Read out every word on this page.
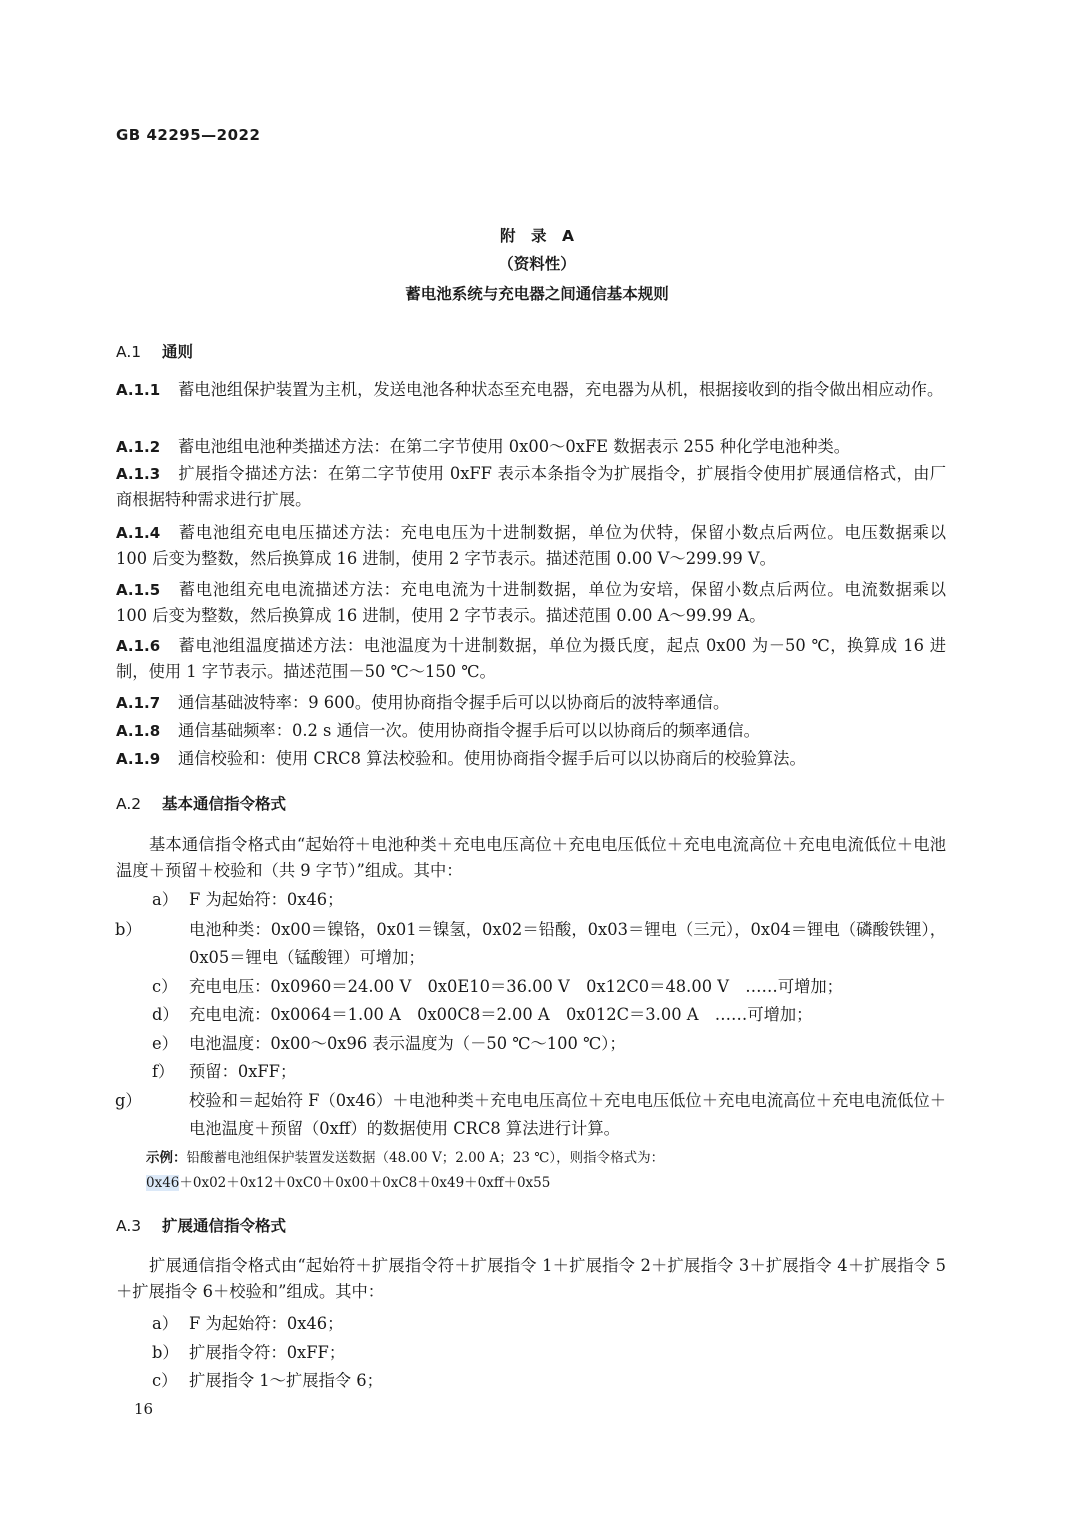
GB 42295—2022
附　录　A
（资料性）
蓄电池系统与充电器之间通信基本规则
A.1 通则
A.1.1 蓄电池组保护装置为主机，发送电池各种状态至充电器，充电器为从机，根据接收到的指令做出相应动作。
A.1.2 蓄电池组电池种类描述方法：在第二字节使用 0x00～0xFE 数据表示 255 种化学电池种类。
A.1.3 扩展指令描述方法：在第二字节使用 0xFF 表示本条指令为扩展指令，扩展指令使用扩展通信格式，由厂商根据特种需求进行扩展。
A.1.4 蓄电池组充电电压描述方法：充电电压为十进制数据，单位为伏特，保留小数点后两位。电压数据乘以 100 后变为整数，然后换算成 16 进制，使用 2 字节表示。描述范围 0.00 V～299.99 V。
A.1.5 蓄电池组充电电流描述方法：充电电流为十进制数据，单位为安培，保留小数点后两位。电流数据乘以 100 后变为整数，然后换算成 16 进制，使用 2 字节表示。描述范围 0.00 A～99.99 A。
A.1.6 蓄电池组温度描述方法：电池温度为十进制数据，单位为摄氏度，起点 0x00 为－50 ℃，换算成 16 进制，使用 1 字节表示。描述范围－50 ℃～150 ℃。
A.1.7 通信基础波特率：9 600。使用协商指令握手后可以以协商后的波特率通信。
A.1.8 通信基础频率：0.2 s 通信一次。使用协商指令握手后可以以协商后的频率通信。
A.1.9 通信校验和：使用 CRC8 算法校验和。使用协商指令握手后可以以协商后的校验算法。
A.2 基本通信指令格式
基本通信指令格式由“起始符＋电池种类＋充电电压高位＋充电电压低位＋充电电流高位＋充电电流低位＋电池温度＋预留＋校验和（共 9 字节）”组成。其中：
a） F 为起始符：0x46；
b）	电池种类：0x00＝镍铬，0x01＝镍氢，0x02＝铅酸，0x03＝锂电（三元），0x04＝锂电（磷酸铁锂），0x05＝锂电（锰酸锂）可增加；
c） 充电电压：0x0960＝24.00 V　0x0E10＝36.00 V　0x12C0＝48.00 V　……可增加；
d） 充电电流：0x0064＝1.00 A　0x00C8＝2.00 A　0x012C＝3.00 A　……可增加；
e） 电池温度：0x00～0x96 表示温度为（－50 ℃～100 ℃）；
f） 预留：0xFF；
g）	校验和＝起始符 F（0x46）＋电池种类＋充电电压高位＋充电电压低位＋充电电流高位＋充电电流低位＋电池温度＋预留（0xff）的数据使用 CRC8 算法进行计算。
示例：铅酸蓄电池组保护装置发送数据（48.00 V；2.00 A；23 ℃），则指令格式为：
0x46＋0x02＋0x12＋0xC0＋0x00＋0xC8＋0x49＋0xff＋0x55
A.3 扩展通信指令格式
扩展通信指令格式由“起始符＋扩展指令符＋扩展指令 1＋扩展指令 2＋扩展指令 3＋扩展指令 4＋扩展指令 5＋扩展指令 6＋校验和”组成。其中：
a） F 为起始符：0x46；
b） 扩展指令符：0xFF；
c） 扩展指令 1～扩展指令 6；
16
